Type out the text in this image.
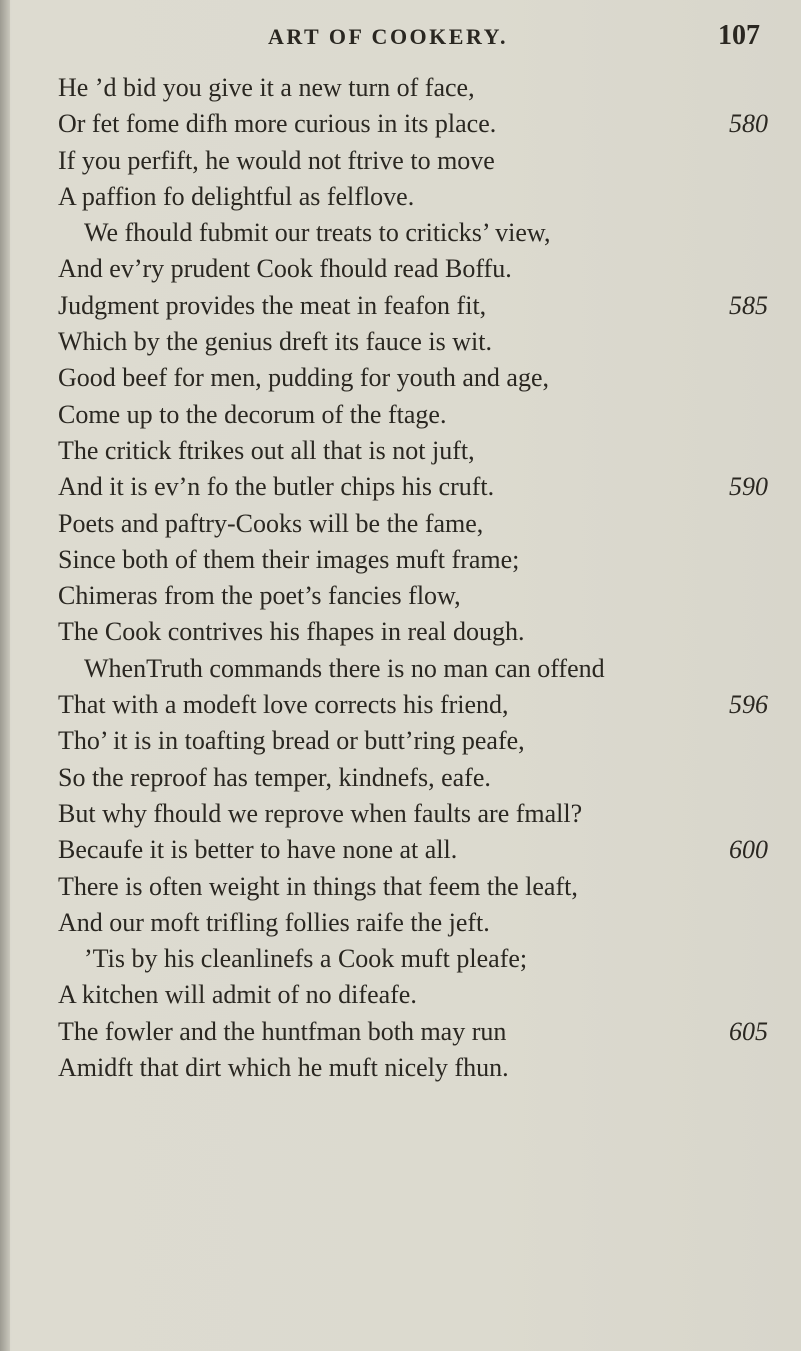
ART OF COOKERY.	107
He ’d bid you give it a new turn of face,
Or fet fome difh more curious in its place.	580
If you perfift, he would not ftrive to move
A paffion fo delightful as felflove.
We fhould fubmit our treats to criticks’ view,
And ev’ry prudent Cook fhould read Boffu.
Judgment provides the meat in feafon fit,	585
Which by the genius dreft its fauce is wit.
Good beef for men, pudding for youth and age,
Come up to the decorum of the ftage.
The critick ftrikes out all that is not juft,
And it is ev’n fo the butler chips his cruft.	590
Poets and paftry-Cooks will be the fame,
Since both of them their images muft frame;
Chimeras from the poet’s fancies flow,
The Cook contrives his fhapes in real dough.
WhenTruth commands there is no man can offend
That with a modeft love corrects his friend,	596
Tho’ it is in toafting bread or butt’ring peafe,
So the reproof has temper, kindnefs, eafe.
But why fhould we reprove when faults are fmall?
Becaufe it is better to have none at all.	600
There is often weight in things that feem the leaft,
And our moft trifling follies raife the jeft.
’Tis by his cleanlinefs a Cook muft pleafe;
A kitchen will admit of no difeafe.
The fowler and the huntfman both may run	605
Amidft that dirt which he muft nicely fhun.
